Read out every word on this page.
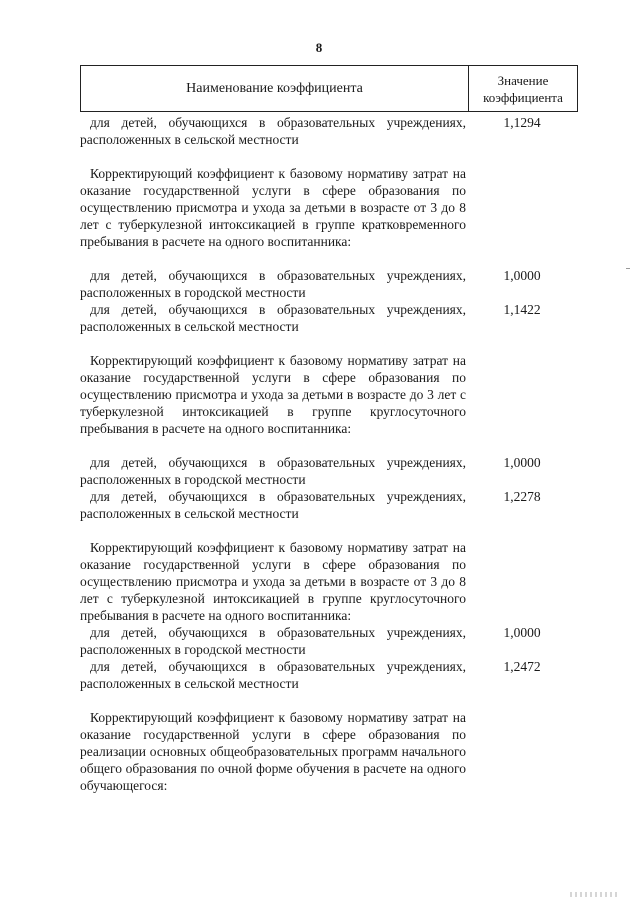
8
Наименование коэффициента
Значение
коэффициента
для детей, обучающихся в образовательных учреждениях, расположенных в сельской местности
1,1294
Корректирующий коэффициент к базовому нормативу затрат на оказание государственной услуги в сфере образования по осуществлению присмотра и ухода за детьми в возрасте от 3 до 8 лет с туберкулезной интоксикацией в группе кратковременного пребывания в расчете на одного воспитанника:
для детей, обучающихся в образовательных учреждениях, расположенных в городской местности
1,0000
для детей, обучающихся в образовательных учреждениях, расположенных в сельской местности
1,1422
Корректирующий коэффициент к базовому нормативу затрат на оказание государственной услуги в сфере образования по осуществлению присмотра и ухода за детьми в возрасте до 3 лет с туберкулезной интоксикацией в группе круглосуточного пребывания в расчете на одного воспитанника:
для детей, обучающихся в образовательных учреждениях, расположенных в городской местности
1,0000
для детей, обучающихся в образовательных учреждениях, расположенных в сельской местности
1,2278
Корректирующий коэффициент к базовому нормативу затрат на оказание государственной услуги в сфере образования по осуществлению присмотра и ухода за детьми в возрасте от 3 до 8 лет с туберкулезной интоксикацией в группе круглосуточного пребывания в расчете на одного воспитанника:
для детей, обучающихся в образовательных учреждениях, расположенных в городской местности
1,0000
для детей, обучающихся в образовательных учреждениях, расположенных в сельской местности
1,2472
Корректирующий коэффициент к базовому нормативу затрат на оказание государственной услуги в сфере образования по реализации основных общеобразовательных программ начального общего образования по очной форме обучения в расчете на одного обучающегося:
